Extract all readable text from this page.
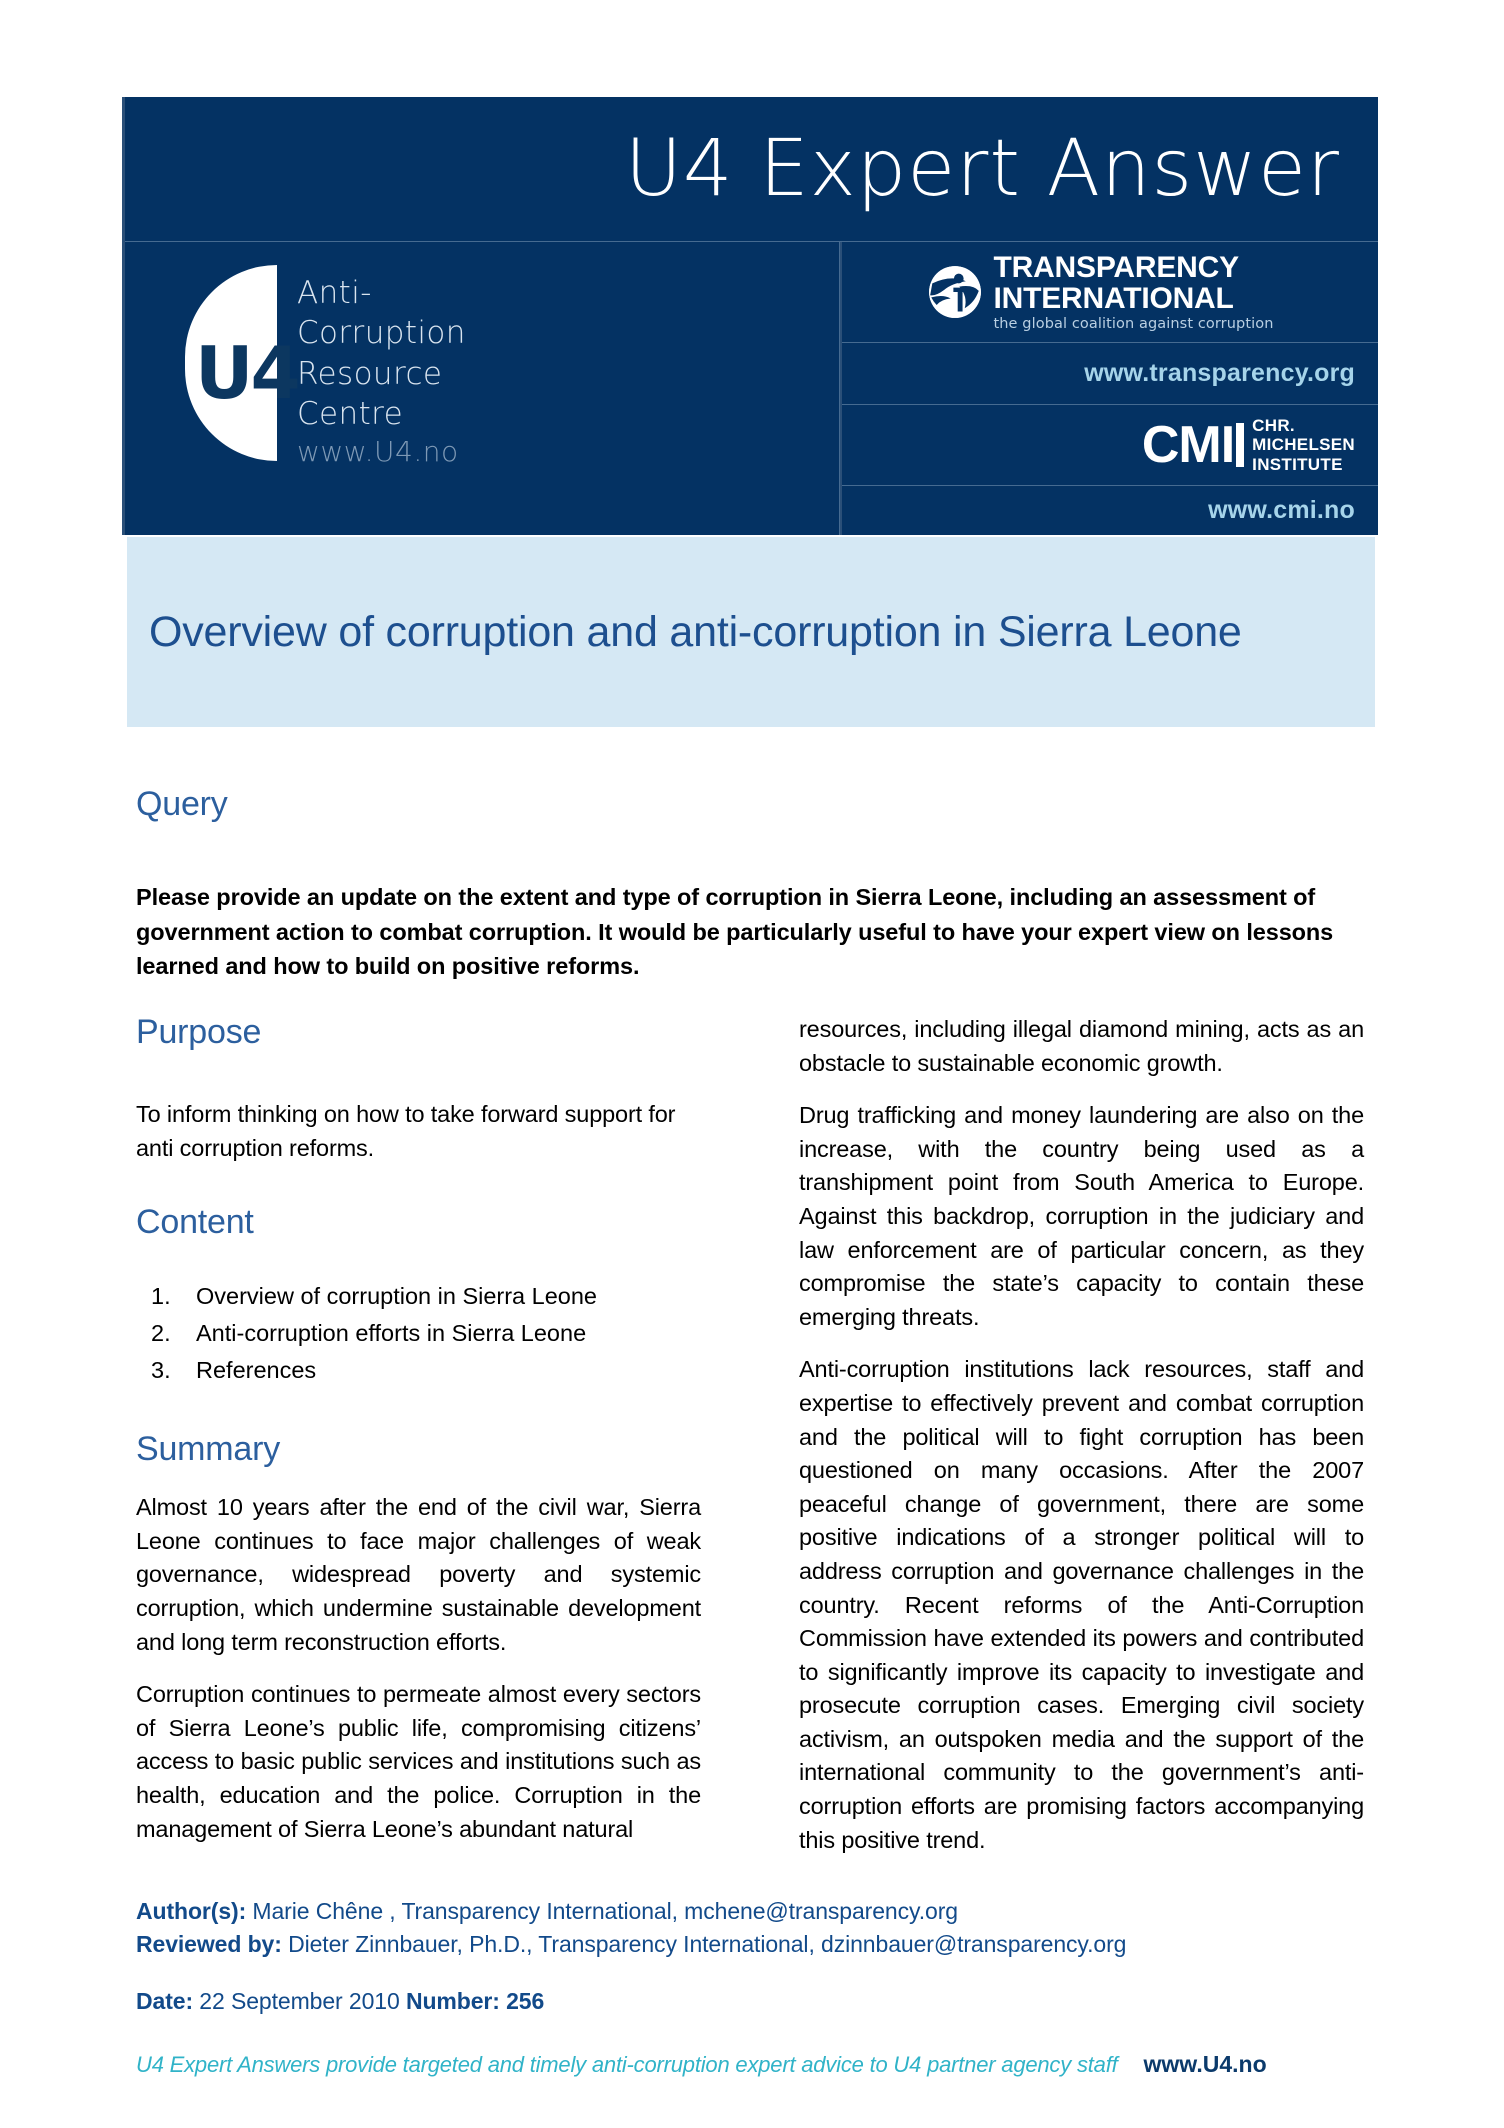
U4 Expert Answer
U4
Anti-
Corruption
Resource
Centre
www.U4.no
TRANSPARENCY
INTERNATIONAL
the global coalition against corruption
www.transparency.org
CMI CHR.
MICHELSEN
INSTITUTE
www.cmi.no
Overview of corruption and anti-corruption in Sierra Leone
Query
Please provide an update on the extent and type of corruption in Sierra Leone, including an assessment of government action to combat corruption. It would be particularly useful to have your expert view on lessons learned and how to build on positive reforms.
Purpose

To inform thinking on how to take forward support for anti corruption reforms.

Content
1.	Overview of corruption in Sierra Leone
2.	Anti-corruption efforts in Sierra Leone
3.	References
Summary

Almost 10 years after the end of the civil war, Sierra Leone continues to face major challenges of weak governance, widespread poverty and systemic corruption, which undermine sustainable development and long term reconstruction efforts.

Corruption continues to permeate almost every sectors of Sierra Leone’s public life, compromising citizens’ access to basic public services and institutions such as health, education and the police. Corruption in the management of Sierra Leone’s abundant natural

resources, including illegal diamond mining, acts as an obstacle to sustainable economic growth.

Drug trafficking and money laundering are also on the increase, with the country being used as a transhipment point from South America to Europe. Against this backdrop, corruption in the judiciary and law enforcement are of particular concern, as they compromise the state’s capacity to contain these emerging threats.

Anti-corruption institutions lack resources, staff and expertise to effectively prevent and combat corruption and the political will to fight corruption has been questioned on many occasions. After the 2007 peaceful change of government, there are some positive indications of a stronger political will to address corruption and governance challenges in the country. Recent reforms of the Anti-Corruption Commission have extended its powers and contributed to significantly improve its capacity to investigate and prosecute corruption cases. Emerging civil society activism, an outspoken media and the support of the international community to the government’s anti-corruption efforts are promising factors accompanying this positive trend.

Author(s): Marie Chêne , Transparency International, mchene@transparency.org
Reviewed by: Dieter Zinnbauer, Ph.D., Transparency International, dzinnbauer@transparency.org
Date: 22 September 2010 Number: 256
U4 Expert Answers provide targeted and timely anti-corruption expert advice to U4 partner agency staff www.U4.no
